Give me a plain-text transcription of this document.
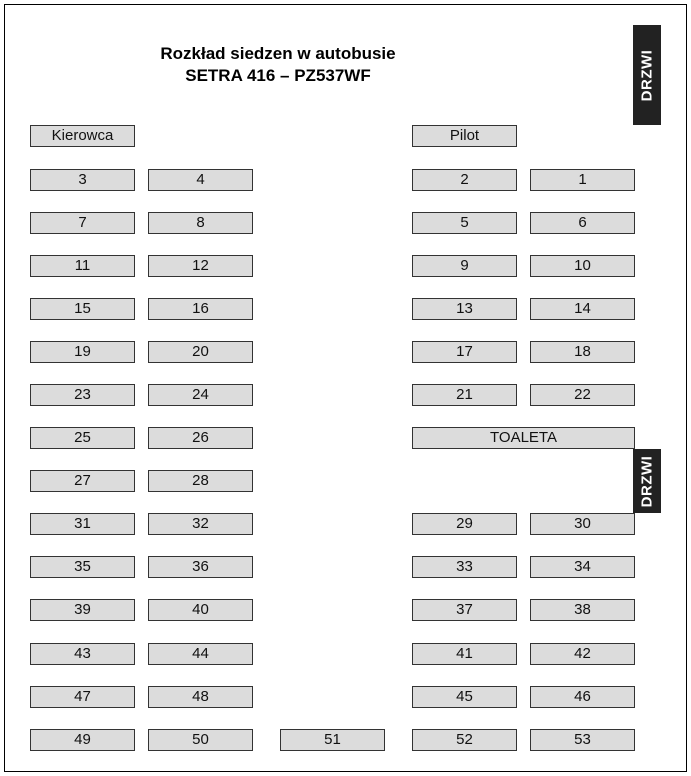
Rozkład siedzen w autobusie
SETRA 416 – PZ537WF	DRZWI
DRZWI
Kierowca	Pilot
3	4	2	1
7	8	5	6
11	12	9	10
15	16	13	14
19	20	17	18
23	24	21	22
25	26	TOALETA
27	28
31	32	29	30
35	36	33	34
39	40	37	38
43	44	41	42
47	48	45	46
49	50	51	52	53
